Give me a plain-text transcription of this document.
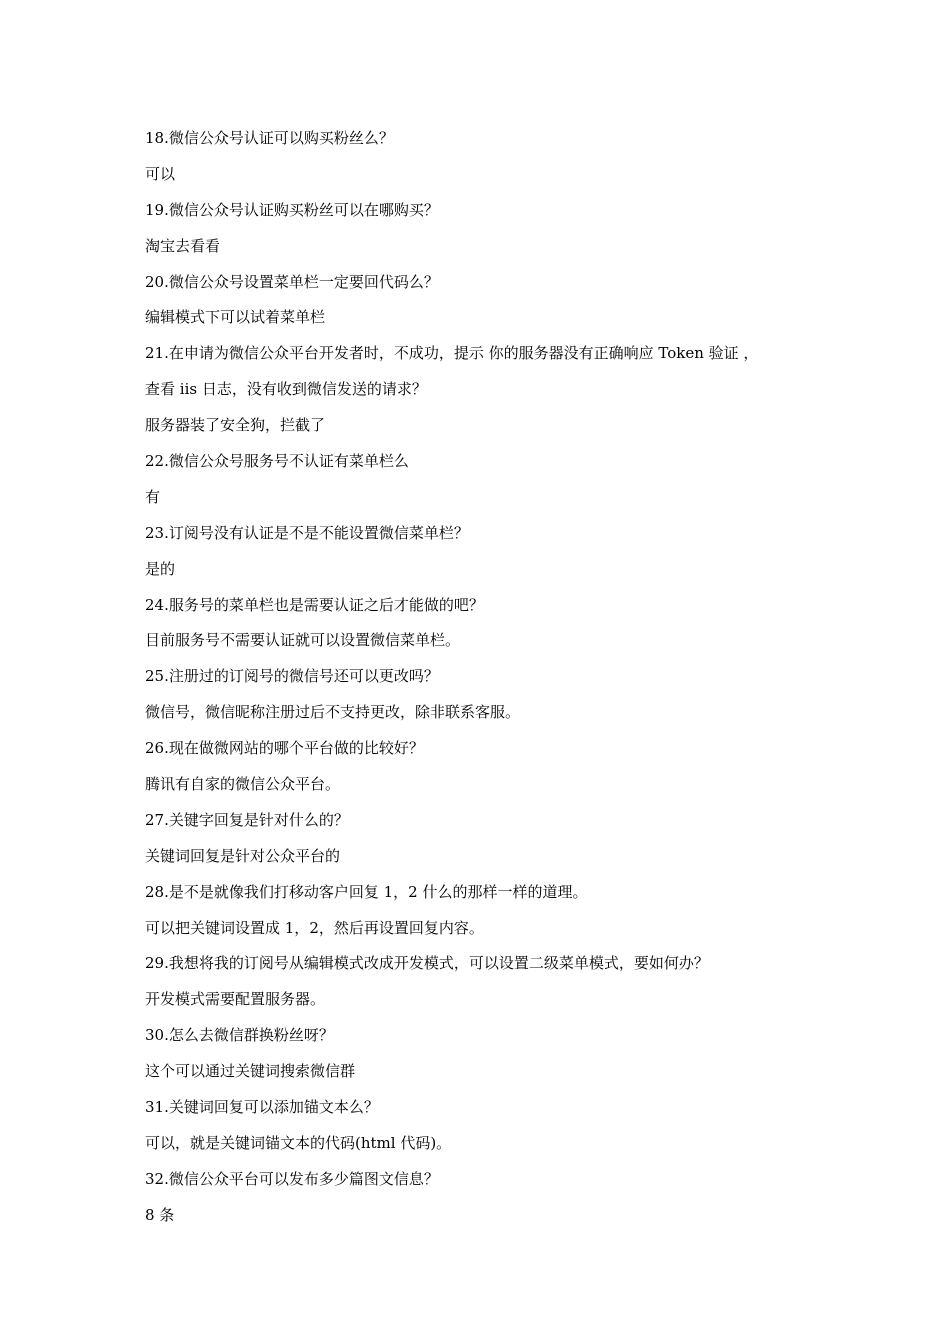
18.微信公众号认证可以购买粉丝么？
可以
19.微信公众号认证购买粉丝可以在哪购买？
淘宝去看看
20.微信公众号设置菜单栏一定要回代码么？
编辑模式下可以试着菜单栏
21.在申请为微信公众平台开发者时，不成功，提示 你的服务器没有正确响应 Token 验证 ，
查看 iis 日志，没有收到微信发送的请求？
服务器装了安全狗，拦截了
22.微信公众号服务号不认证有菜单栏么
有
23.订阅号没有认证是不是不能设置微信菜单栏？
是的
24.服务号的菜单栏也是需要认证之后才能做的吧？
目前服务号不需要认证就可以设置微信菜单栏。
25.注册过的订阅号的微信号还可以更改吗？
微信号，微信昵称注册过后不支持更改，除非联系客服。
26.现在做微网站的哪个平台做的比较好？
腾讯有自家的微信公众平台。
27.关键字回复是针对什么的？
关键词回复是针对公众平台的
28.是不是就像我们打移动客户回复 1，2 什么的那样一样的道理。
可以把关键词设置成 1，2，然后再设置回复内容。
29.我想将我的订阅号从编辑模式改成开发模式，可以设置二级菜单模式，要如何办？
开发模式需要配置服务器。
30.怎么去微信群换粉丝呀？
这个可以通过关键词搜索微信群
31.关键词回复可以添加锚文本么？
可以，就是关键词锚文本的代码(html 代码)。
32.微信公众平台可以发布多少篇图文信息？
8 条
